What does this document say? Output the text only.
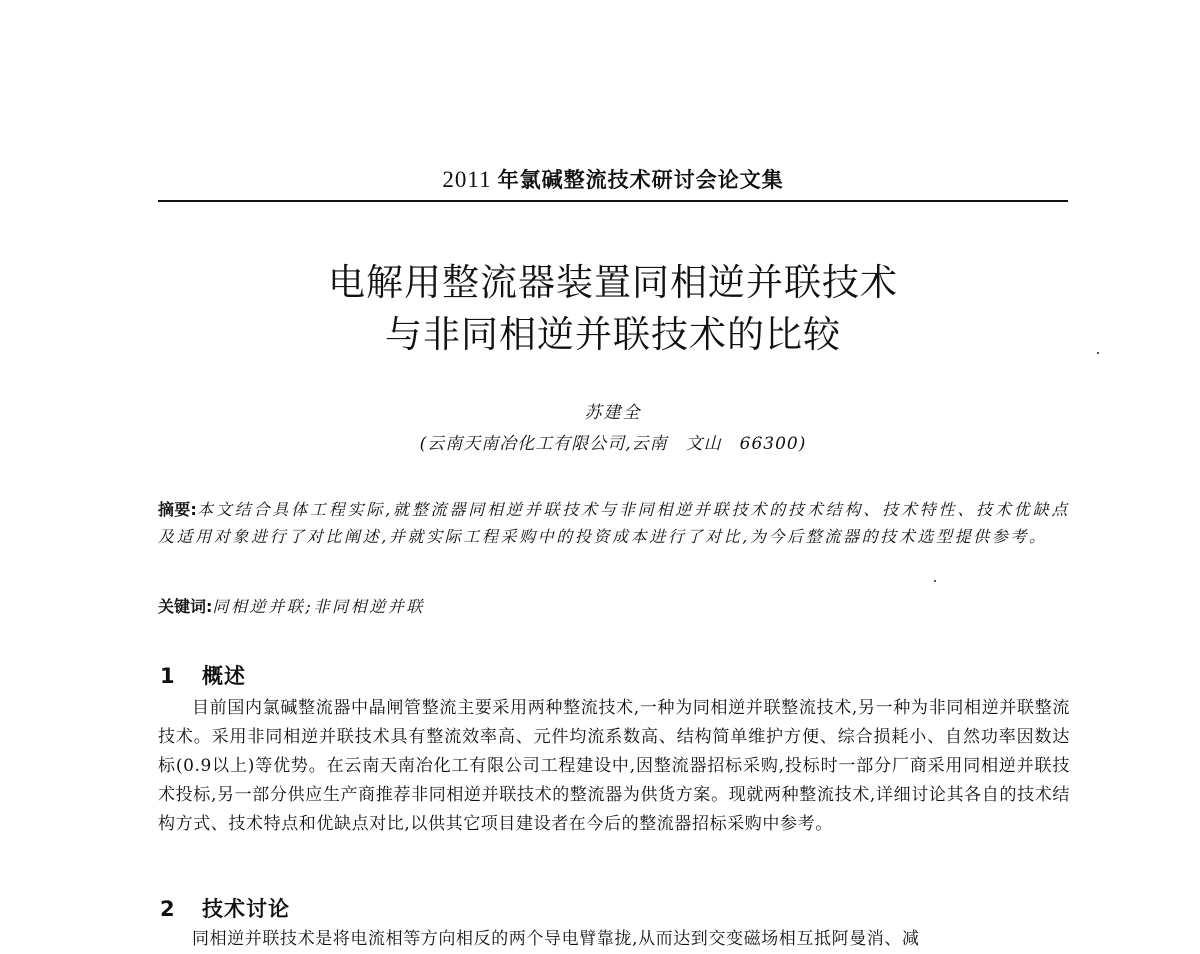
2011 年氯碱整流技术研讨会论文集
电解用整流器装置同相逆并联技术
与非同相逆并联技术的比较
苏建全
(云南天南冶化工有限公司,云南　文山　66300)
摘要:本文结合具体工程实际,就整流器同相逆并联技术与非同相逆并联技术的技术结构、技术特性、技术优缺点及适用对象进行了对比阐述,并就实际工程采购中的投资成本进行了对比,为今后整流器的技术选型提供参考。
关键词:同相逆并联;非同相逆并联
1 概述

目前国内氯碱整流器中晶闸管整流主要采用两种整流技术,一种为同相逆并联整流技术,另一种为非同相逆并联整流技术。采用非同相逆并联技术具有整流效率高、元件均流系数高、结构简单维护方便、综合损耗小、自然功率因数达标(0.9以上)等优势。在云南天南冶化工有限公司工程建设中,因整流器招标采购,投标时一部分厂商采用同相逆并联技术投标,另一部分供应生产商推荐非同相逆并联技术的整流器为供货方案。现就两种整流技术,详细讨论其各自的技术结构方式、技术特点和优缺点对比,以供其它项目建设者在今后的整流器招标采购中参考。

2 技术讨论

同相逆并联技术是将电流相等方向相反的两个导电臂靠拢,从而达到交变磁场相互抵阿曼消、减
